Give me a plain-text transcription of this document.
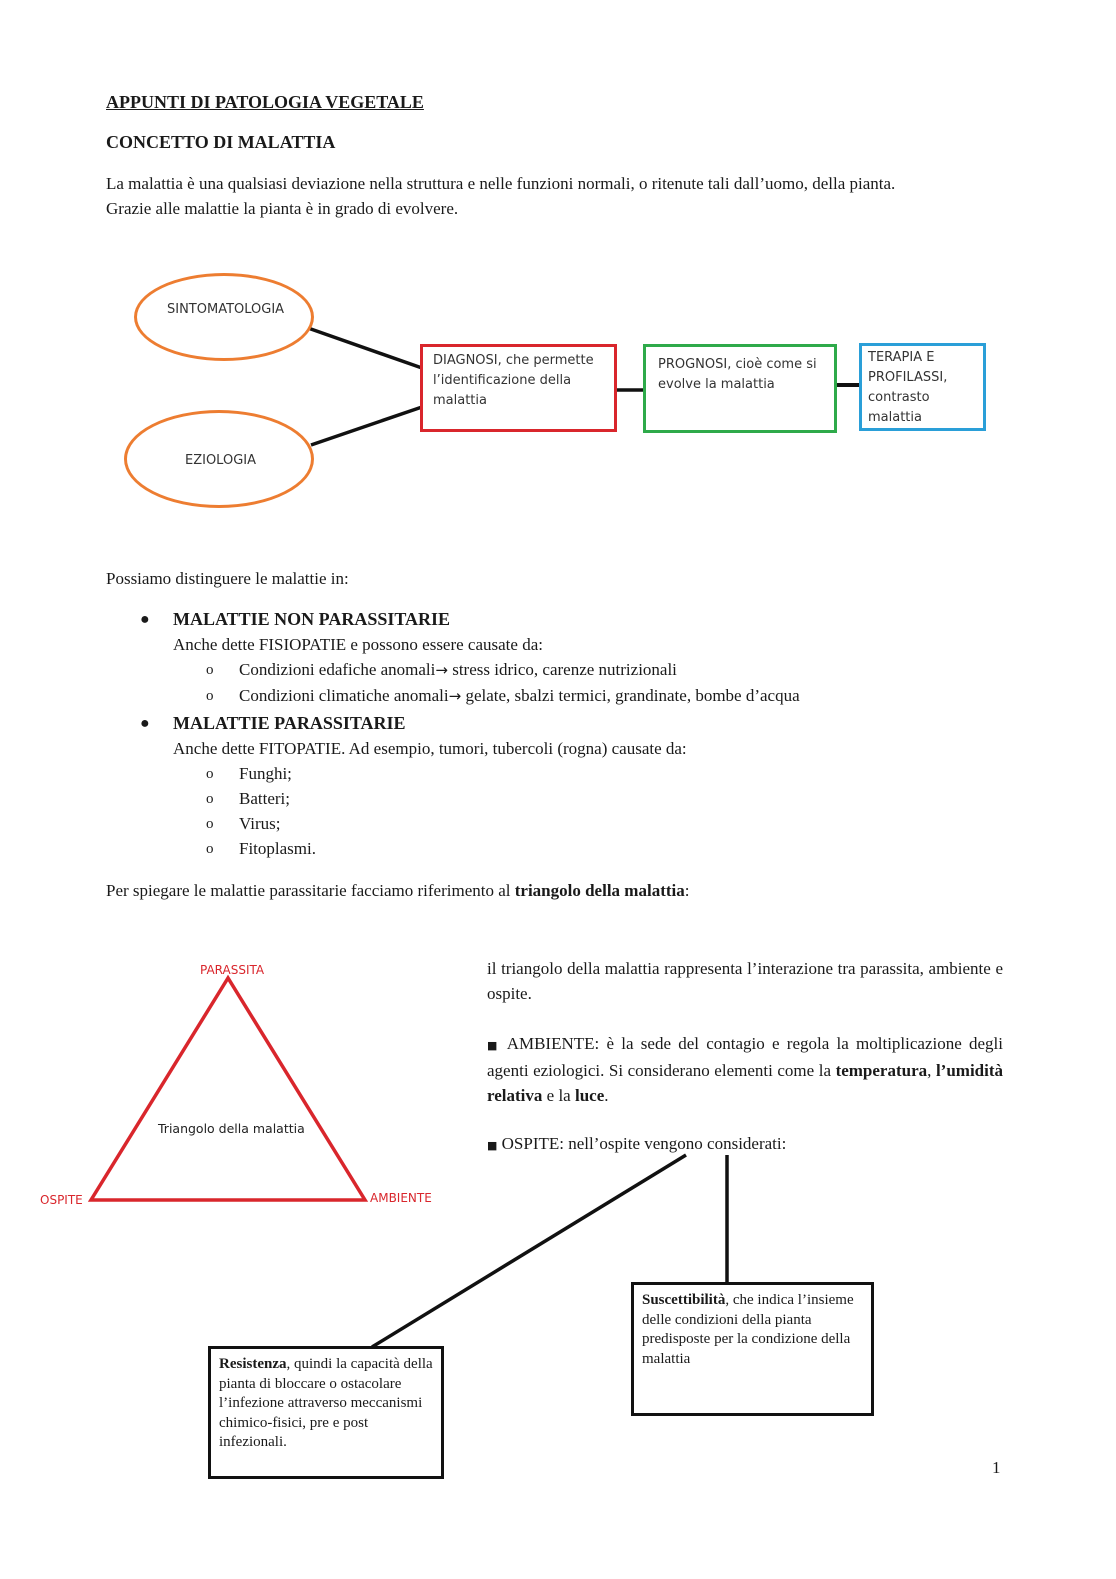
APPUNTI DI PATOLOGIA VEGETALE
CONCETTO DI MALATTIA
La malattia è una qualsiasi deviazione nella struttura e nelle funzioni normali, o ritenute tali dall’uomo, della pianta.
Grazie alle malattie la pianta è in grado di evolvere.
SINTOMATOLOGIA
EZIOLOGIA
DIAGNOSI, che permette l’identificazione della malattia
PROGNOSI, cioè come si evolve la malattia
TERAPIA E PROFILASSI, contrasto malattia
Possiamo distinguere le malattie in:
● MALATTIE NON PARASSITARIE
Anche dette FISIOPATIE e possono essere causate da:
o Condizioni edafiche anomali→ stress idrico, carenze nutrizionali
o Condizioni climatiche anomali→ gelate, sbalzi termici, grandinate, bombe d’acqua
● MALATTIE PARASSITARIE
Anche dette FITOPATIE. Ad esempio, tumori, tubercoli (rogna) causate da:
o Funghi;
o Batteri;
o Virus;
o Fitoplasmi.
Per spiegare le malattie parassitarie facciamo riferimento al triangolo della malattia:
PARASSITA
OSPITE	AMBIENTE
Triangolo della malattia
il triangolo della malattia rappresenta l’interazione tra parassita, ambiente e ospite.
■ AMBIENTE: è la sede del contagio e regola la moltiplicazione degli agenti eziologici. Si considerano elementi come la temperatura, l’umidità relativa e la luce.
■ OSPITE: nell’ospite vengono considerati:
Resistenza, quindi la capacità della pianta di bloccare o ostacolare l’infezione attraverso meccanismi chimico-fisici, pre e post infezionali.
Suscettibilità, che indica l’insieme delle condizioni della pianta predisposte per la condizione della malattia
1
